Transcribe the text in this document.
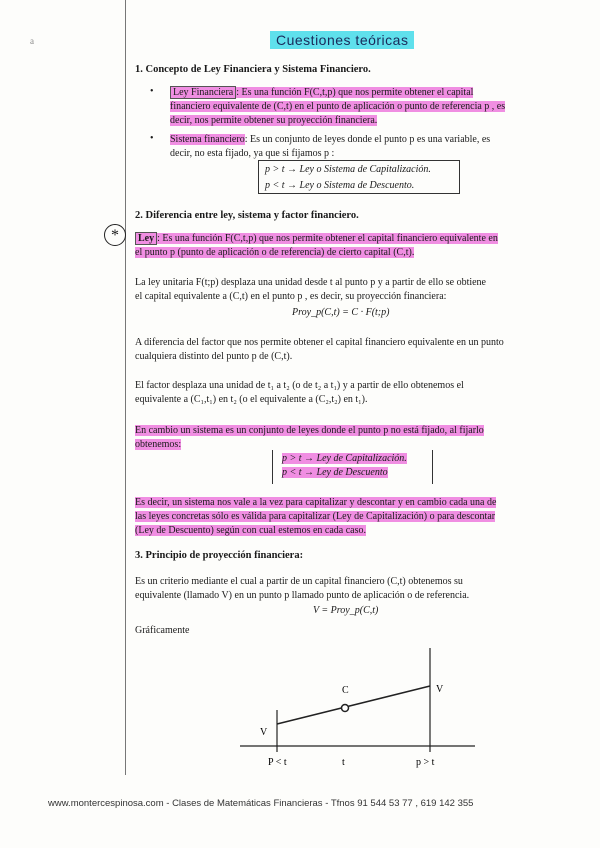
a	Cuestiones teóricas
1. Concepto de Ley Financiera y Sistema Financiero.
•	Ley Financiera : Es una función F(C,t,p) que nos permite obtener el capital
financiero equivalente de (C,t) en el punto de aplicación o punto de referencia p , es
decir, nos permite obtener su proyección financiera.
• Sistema financiero: Es un conjunto de leyes donde el punto p es una variable, es
decir, no esta fijado, ya que si fijamos p :
p > t → Ley o Sistema de Capitalización.
p < t → Ley o Sistema de Descuento.
2. Diferencia entre ley, sistema y factor financiero.
*	Ley : Es una función F(C,t,p) que nos permite obtener el capital financiero equivalente en
el punto p (punto de aplicación o de referencia) de cierto capital (C,t).
La ley unitaria F(t;p) desplaza una unidad desde t al punto p y a partir de ello se obtiene
el capital equivalente a (C,t) en el punto p , es decir, su proyección financiera:
Proy_p(C,t) = C · F(t;p)
A diferencia del factor que nos permite obtener el capital financiero equivalente en un punto
cualquiera distinto del punto p de (C,t).
El factor desplaza una unidad de t₁ a t₂ (o de t₂ a t₁) y a partir de ello obtenemos el
equivalente a (C₁,t₁) en t₂ (o el equivalente a (C₂,t₂) en t₁).
En cambio un sistema es un conjunto de leyes donde el punto p no está fijado, al fijarlo
obtenemos:
p > t → Ley de Capitalización.
p < t → Ley de Descuento
Es decir, un sistema nos vale a la vez para capitalizar y descontar y en cambio cada una de
las leyes concretas sólo es válida para capitalizar (Ley de Capitalización) o para descontar
(Ley de Descuento) según con cual estemos en cada caso.
3. Principio de proyección financiera:
Es un criterio mediante el cual a partir de un capital financiero (C,t) obtenemos su
equivalente (llamado V) en un punto p llamado punto de aplicación o de referencia.
V = Proy_p(C,t)
Gráficamente
C
V
V
P < t	t	p > t
www.montercespinosa.com - Clases de Matemáticas Financieras - Tfnos 91 544 53 77 , 619 142 355
